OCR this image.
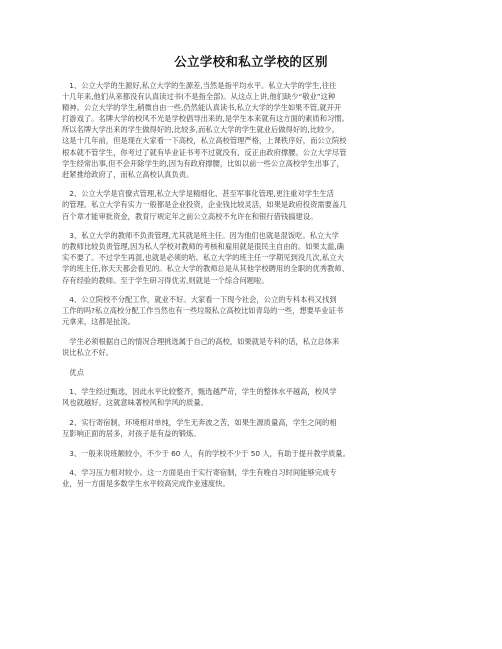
公立学校和私立学校的区别
　1、公立大学的生源好,私立大学的生源差,当然是指平均水平。私立大学的学生,往往
十几年来,他们从来都没有认真读过书(不是指全部)。从这点上讲,他们缺少“敬业”这种
精神。公立大学的学生,稍微自由一些,仍然能认真读书,私立大学的学生如果不管,就开开
打游戏了。名牌大学的校风不光是学校倡导出来的,是学生本来就有这方面的素质和习惯。
所以名牌大学出来的学生做得好的,比较多,而私立大学的学生就业后做得好的,比较少。
这是十几年前，但是现在大家看一下高校，私立高校管理严格，上课秩序好，而公立院校
根本就不管学生，你考过了就有毕业证书考不过就没有，反正由政府撑腰。公立大学尽管
学生经常出事,但不会开除学生的,因为有政府撑腰，比如以前一些公立高校学生出事了，
赶紧推给政府了，而私立高校认真负责。
　2、公立大学是官僚式管理,私立大学是精细化、甚至军事化管理,更注重对学生生活
的管理。私立大学有实力一般都是企业投资，企业钱比较灵活，如果是政府投资需要盖几
百个章才能审批资金，教育厅规定年之前公立高校不允许在和银行借钱搞建设。
　3、私立大学的教师不负责管理,尤其就是班主任。因为他们也就是混饭吃。私立大学
的教师比较负责管理,因为私人学校对教师的考核和雇用就是很民主自由的。如果太滥,确
实不要了。不过学生再混,也就是必须的哈。私立大学的班主任一学期见到没几次,私立大
学的班主任,你天天都会看见的。私立大学的教师总是从其他学校聘用的全职的优秀教师、
存有经验的教师。至于学生研习得优劣,则就是一个综合问题啦。
　4、公立院校不分配工作，就业不好。大家看一下现今社会，公立的专科本科又找到
工作的吗?私立高校分配工作当然也有一些垃圾私立高校比如青岛的一些，想要毕业证书
元拿来，这都是扯淡。
　学生必须根据自己的情况合理挑选属于自己的高校，如果就是专科的话，私立总体来
说比私立不好。
　优点
　1、学生经过甄选，因此水平比较整齐，甄选越严苛，学生的整体水平越高，校风学
风也就越好。这就意味著校风和学风的质量。
　2、实行寄宿制，环境相对单纯，学生无奔波之苦，如果生源质量高，学生之间的相
互影响正面的居多，对孩子是有益的锻炼。
　3、一般来说班额较小，不少于 60 人，有的学校不少于 50 人，有助于提升教学质量。
　4、学习压力相对较小。这一方面是由于实行寄宿制，学生有晚自习时间能够完成专
业，另一方面是多数学生水平较高完成作业速度快。
